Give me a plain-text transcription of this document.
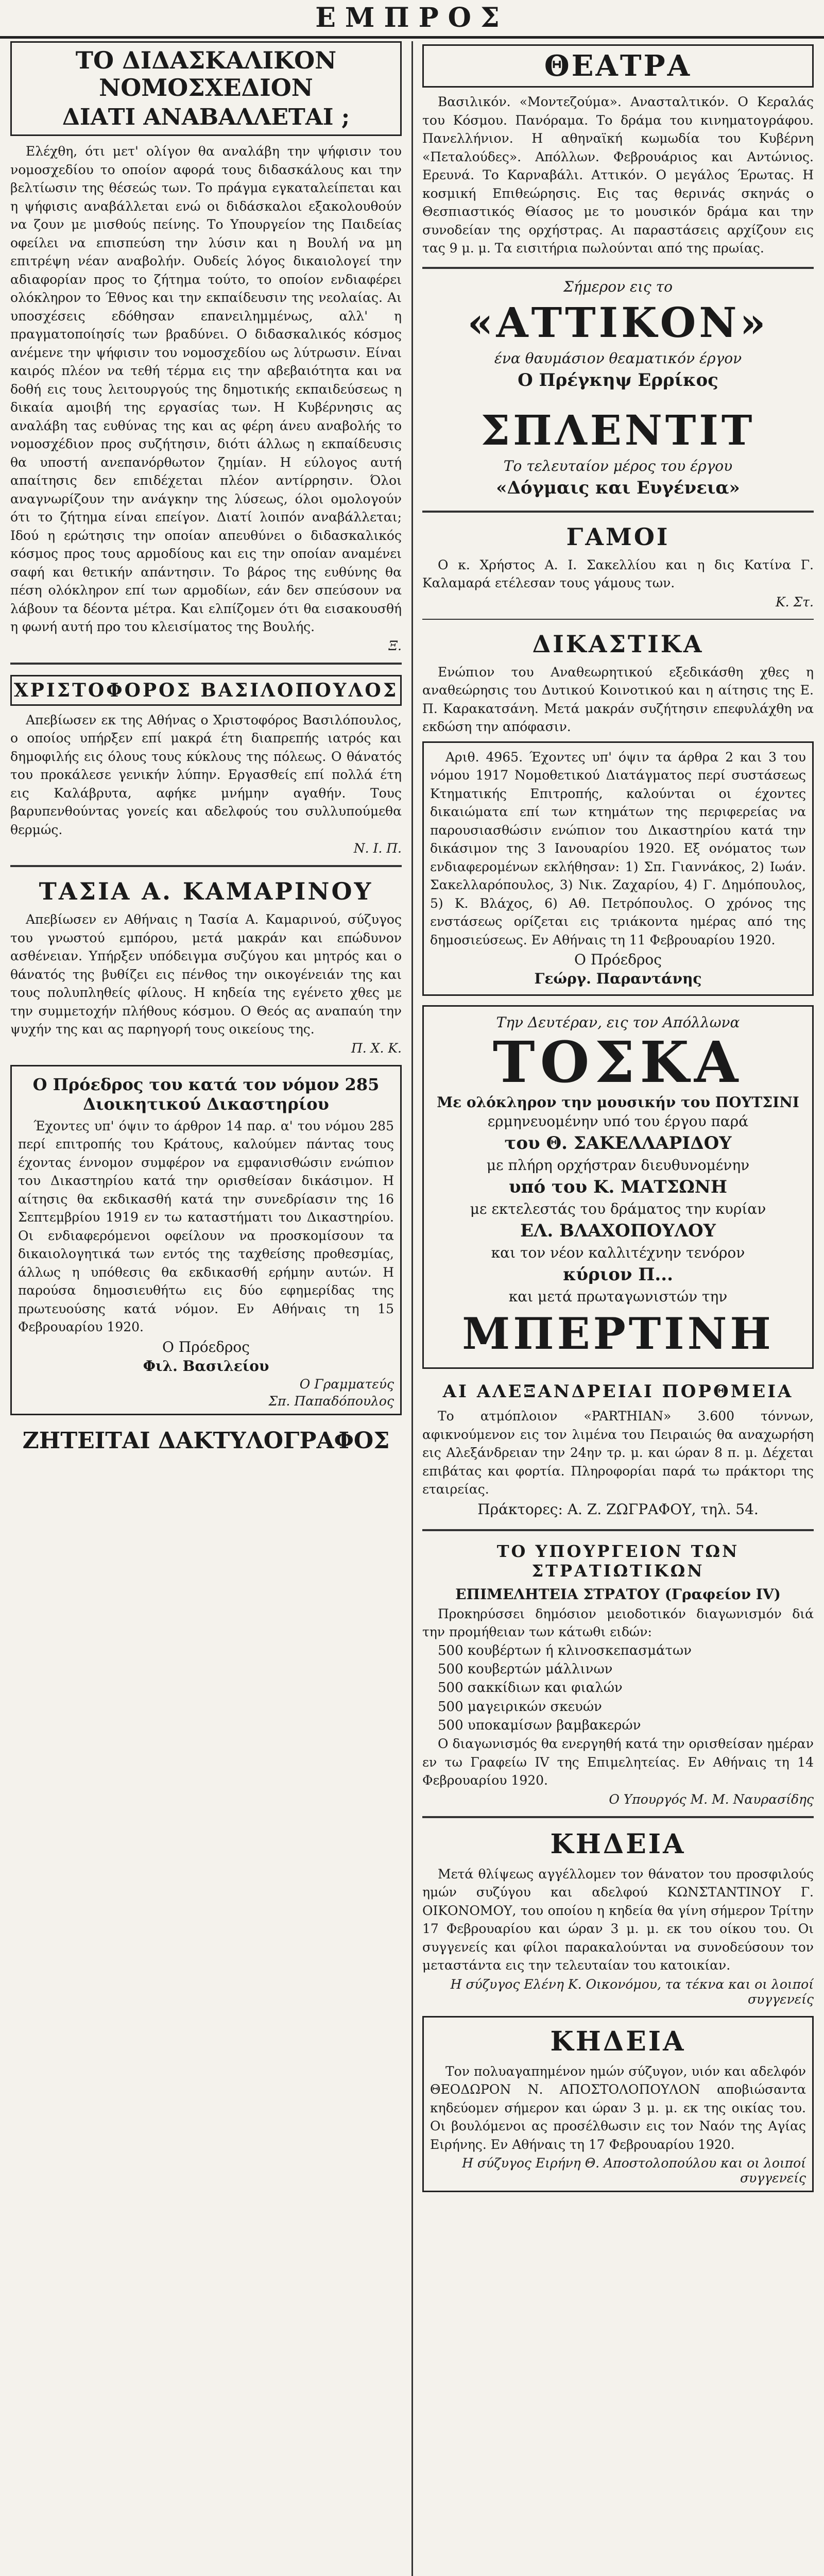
ΕΜΠΡΟΣ
ΤΟ ΔΙΔΑΣΚΑΛΙΚΟΝ ΝΟΜΟΣΧΕΔΙΟΝ
ΔΙΑΤΙ ΑΝΑΒΑΛΛΕΤΑΙ ;

Ελέχθη, ότι μετ' ολίγον θα αναλάβη την ψήφισιν του νομοσχεδίου το οποίον αφορά τους διδασκάλους και την βελτίωσιν της θέσεώς των. Το πράγμα εγκαταλείπεται και η ψήφισις αναβάλλεται ενώ οι διδάσκαλοι εξακολουθούν να ζουν με μισθούς πείνης. Το Υπουργείον της Παιδείας οφείλει να επισπεύση την λύσιν και η Βουλή να μη επιτρέψη νέαν αναβολήν. Ουδείς λόγος δικαιολογεί την αδιαφορίαν προς το ζήτημα τούτο, το οποίον ενδιαφέρει ολόκληρον το Έθνος και την εκπαίδευσιν της νεολαίας. Αι υποσχέσεις εδόθησαν επανειλημμένως, αλλ' η πραγματοποίησίς των βραδύνει. Ο διδασκαλικός κόσμος ανέμενε την ψήφισιν του νομοσχεδίου ως λύτρωσιν. Είναι καιρός πλέον να τεθή τέρμα εις την αβεβαιότητα και να δοθή εις τους λειτουργούς της δημοτικής εκπαιδεύσεως η δικαία αμοιβή της εργασίας των. Η Κυβέρνησις ας αναλάβη τας ευθύνας της και ας φέρη άνευ αναβολής το νομοσχέδιον προς συζήτησιν, διότι άλλως η εκπαίδευσις θα υποστή ανεπανόρθωτον ζημίαν. Η εύλογος αυτή απαίτησις δεν επιδέχεται πλέον αντίρρησιν. Όλοι αναγνωρίζουν την ανάγκην της λύσεως, όλοι ομολογούν ότι το ζήτημα είναι επείγον. Διατί λοιπόν αναβάλλεται; Ιδού η ερώτησις την οποίαν απευθύνει ο διδασκαλικός κόσμος προς τους αρμοδίους και εις την οποίαν αναμένει σαφή και θετικήν απάντησιν. Το βάρος της ευθύνης θα πέση ολόκληρον επί των αρμοδίων, εάν δεν σπεύσουν να λάβουν τα δέοντα μέτρα. Και ελπίζομεν ότι θα εισακουσθή η φωνή αυτή προ του κλεισίματος της Βουλής.

Ξ.
ΧΡΙΣΤΟΦΟΡΟΣ ΒΑΣΙΛΟΠΟΥΛΟΣ

Απεβίωσεν εκ της Αθήνας ο Χριστοφόρος Βασιλόπουλος, ο οποίος υπήρξεν επί μακρά έτη διαπρεπής ιατρός και δημοφιλής εις όλους τους κύκλους της πόλεως. Ο θάνατός του προκάλεσε γενικήν λύπην. Εργασθείς επί πολλά έτη εις Καλάβρυτα, αφήκε μνήμην αγαθήν. Τους βαρυπενθούντας γονείς και αδελφούς του συλλυπούμεθα θερμώς.

Ν. Ι. Π.
ΤΑΣΙΑ Α. ΚΑΜΑΡΙΝΟΥ

Απεβίωσεν εν Αθήναις η Τασία Α. Καμαρινού, σύζυγος του γνωστού εμπόρου, μετά μακράν και επώδυνον ασθένειαν. Υπήρξεν υπόδειγμα συζύγου και μητρός και ο θάνατός της βυθίζει εις πένθος την οικογένειάν της και τους πολυπληθείς φίλους. Η κηδεία της εγένετο χθες με την συμμετοχήν πλήθους κόσμου. Ο Θεός ας αναπαύη την ψυχήν της και ας παρηγορή τους οικείους της.

Π. Χ. Κ.
Ο Πρόεδρος του κατά τον νόμον 285 Διοικητικού Δικαστηρίου

Έχοντες υπ' όψιν το άρθρον 14 παρ. α' του νόμου 285 περί επιτροπής του Κράτους, καλούμεν πάντας τους έχοντας έννομον συμφέρον να εμφανισθώσιν ενώπιον του Δικαστηρίου κατά την ορισθείσαν δικάσιμον. Η αίτησις θα εκδικασθή κατά την συνεδρίασιν της 16 Σεπτεμβρίου 1919 εν τω καταστήματι του Δικαστηρίου. Οι ενδιαφερόμενοι οφείλουν να προσκομίσουν τα δικαιολογητικά των εντός της ταχθείσης προθεσμίας, άλλως η υπόθεσις θα εκδικασθή ερήμην αυτών. Η παρούσα δημοσιευθήτω εις δύο εφημερίδας της πρωτευούσης κατά νόμον. Εν Αθήναις τη 15 Φεβρουαρίου 1920.

Ο Πρόεδρος
Φιλ. Βασιλείου
Ο Γραμματεύς
Σπ. Παπαδόπουλος
ΖΗΤΕΙΤΑΙ ΔΑΚΤΥΛΟΓΡΑΦΟΣ
ΘΕΑΤΡΑ

Βασιλικόν. «Μοντεζούμα». Ανασταλτικόν. Ο Κεραλάς του Κόσμου. Πανόραμα. Το δράμα του κινηματογράφου. Πανελλήνιον. Η αθηναϊκή κωμωδία του Κυβέρνη «Πεταλούδες». Απόλλων. Φεβρουάριος και Αντώνιος. Ερευνά. Το Καρναβάλι. Αττικόν. Ο μεγάλος Έρωτας. Η κοσμική Επιθεώρησις. Εις τας θερινάς σκηνάς ο Θεσπιαστικός Θίασος με το μουσικόν δράμα και την συνοδείαν της ορχήστρας. Αι παραστάσεις αρχίζουν εις τας 9 μ. μ. Τα εισιτήρια πωλούνται από της πρωίας.

Σήμερον εις το
«ΑΤΤΙΚΟΝ»
ένα θαυμάσιον θεαματικόν έργον
Ο Πρέγκηψ Ερρίκος
ΣΠΛΕΝΤΙΤ
Το τελευταίον μέρος του έργου
«Δόγμαις και Ευγένεια»
ΓΑΜΟΙ

Ο κ. Χρήστος Α. Ι. Σακελλίου και η δις Κατίνα Γ. Καλαμαρά ετέλεσαν τους γάμους των.

Κ. Στ.
ΔΙΚΑΣΤΙΚΑ

Ενώπιον του Αναθεωρητικού εξεδικάσθη χθες η αναθεώρησις του Δυτικού Κοινοτικού και η αίτησις της Ε. Π. Καρακατσάνη. Μετά μακράν συζήτησιν επεφυλάχθη να εκδώση την απόφασιν.

Αριθ. 4965. Έχοντες υπ' όψιν τα άρθρα 2 και 3 του νόμου 1917 Νομοθετικού Διατάγματος περί συστάσεως Κτηματικής Επιτροπής, καλούνται οι έχοντες δικαιώματα επί των κτημάτων της περιφερείας να παρουσιασθώσιν ενώπιον του Δικαστηρίου κατά την δικάσιμον της 3 Ιανουαρίου 1920. Εξ ονόματος των ενδιαφερομένων εκλήθησαν: 1) Σπ. Γιαννάκος, 2) Ιωάν. Σακελλαρόπουλος, 3) Νικ. Ζαχαρίου, 4) Γ. Δημόπουλος, 5) Κ. Βλάχος, 6) Αθ. Πετρόπουλος. Ο χρόνος της ενστάσεως ορίζεται εις τριάκοντα ημέρας από της δημοσιεύσεως. Εν Αθήναις τη 11 Φεβρουαρίου 1920.

Ο Πρόεδρος
Γεώργ. Παραντάνης
Την Δευτέραν, εις τον Απόλλωνα
ΤΟΣΚΑ
Με ολόκληρον την μουσικήν του ΠΟΥΤΣΙΝΙ
ερμηνευομένην υπό του έργου παρά
του Θ. ΣΑΚΕΛΛΑΡΙΔΟΥ
με πλήρη ορχήστραν διευθυνομένην
υπό του Κ. ΜΑΤΣΩΝΗ
με εκτελεστάς του δράματος την κυρίαν
ΕΛ. ΒΛΑΧΟΠΟΥΛΟΥ
και τον νέον καλλιτέχνην τενόρον
κύριον Π...
και μετά πρωταγωνιστών την
ΜΠΕΡΤΙΝΗ
ΑΙ ΑΛΕΞΑΝΔΡΕΙΑΙ ΠΟΡΘΜΕΙΑ

Το ατμόπλοιον «PARTHIAN» 3.600 τόννων, αφικνούμενον εις τον λιμένα του Πειραιώς θα αναχωρήση εις Αλεξάνδρειαν την 24ην τρ. μ. και ώραν 8 π. μ. Δέχεται επιβάτας και φορτία. Πληροφορίαι παρά τω πράκτορι της εταιρείας.

Πράκτορες: Α. Ζ. ΖΩΓΡΑΦΟΥ, τηλ. 54.
ΤΟ ΥΠΟΥΡΓΕΙΟΝ ΤΩΝ ΣΤΡΑΤΙΩΤΙΚΩΝ
ΕΠΙΜΕΛΗΤΕΙΑ ΣΤΡΑΤΟΥ (Γραφείον IV)

Προκηρύσσει δημόσιον μειοδοτικόν διαγωνισμόν διά την προμήθειαν των κάτωθι ειδών:

500 κουβέρτων ή κλινοσκεπασμάτων
500 κουβερτών μάλλινων
500 σακκίδιων και φιαλών
500 μαγειρικών σκευών
500 υποκαμίσων βαμβακερών

Ο διαγωνισμός θα ενεργηθή κατά την ορισθείσαν ημέραν εν τω Γραφείω IV της Επιμελητείας. Εν Αθήναις τη 14 Φεβρουαρίου 1920.

Ο Υπουργός Μ. Μ. Ναυρασίδης
ΚΗΔΕΙΑ

Μετά θλίψεως αγγέλλομεν τον θάνατον του προσφιλούς ημών συζύγου και αδελφού ΚΩΝΣΤΑΝΤΙΝΟΥ Γ. ΟΙΚΟΝΟΜΟΥ, του οποίου η κηδεία θα γίνη σήμερον Τρίτην 17 Φεβρουαρίου και ώραν 3 μ. μ. εκ του οίκου του. Οι συγγενείς και φίλοι παρακαλούνται να συνοδεύσουν τον μεταστάντα εις την τελευταίαν του κατοικίαν.

Η σύζυγος Ελένη Κ. Οικονόμου, τα τέκνα και οι λοιποί συγγενείς
ΚΗΔΕΙΑ

Τον πολυαγαπημένον ημών σύζυγον, υιόν και αδελφόν ΘΕΟΔΩΡΟΝ Ν. ΑΠΟΣΤΟΛΟΠΟΥΛΟΝ αποβιώσαντα κηδεύομεν σήμερον και ώραν 3 μ. μ. εκ της οικίας του. Οι βουλόμενοι ας προσέλθωσιν εις τον Ναόν της Αγίας Ειρήνης. Εν Αθήναις τη 17 Φεβρουαρίου 1920.

Η σύζυγος Ειρήνη Θ. Αποστολοπούλου και οι λοιποί συγγενείς
